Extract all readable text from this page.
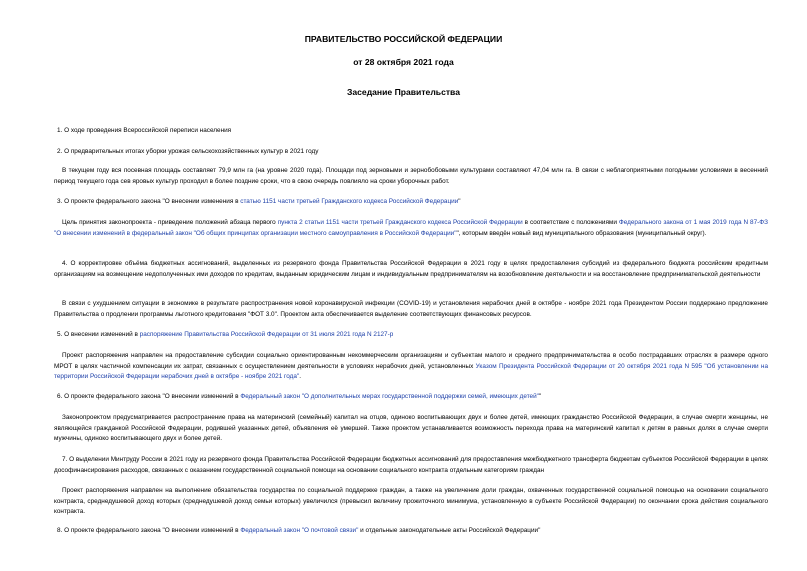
ПРАВИТЕЛЬСТВО РОССИЙСКОЙ ФЕДЕРАЦИИ
от 28 октября 2021 года
Заседание Правительства
1. О ходе проведения Всероссийской переписи населения
2. О предварительных итогах уборки урожая сельскохозяйственных культур в 2021 году
В текущем году вся посевная площадь составляет 79,9 млн га (на уровне 2020 года). Площади под зерновыми и зернобобовыми культурами составляют 47,04 млн га. В связи с неблагоприятными погодными условиями в весенний период текущего года сев яровых культур проходил в более поздние сроки, что в свою очередь повлияло на сроки уборочных работ.
3. О проекте федерального закона "О внесении изменения в статью 1151 части третьей Гражданского кодекса Российской Федерации"
Цель принятия законопроекта - приведение положений абзаца первого пункта 2 статьи 1151 части третьей Гражданского кодекса Российской Федерации в соответствие с положениями Федерального закона от 1 мая 2019 года N 87-ФЗ "О внесении изменений в федеральный закон "Об общих принципах организации местного самоуправления в Российской Федерации"", которым введён новый вид муниципального образования (муниципальный округ).
4. О корректировке объёма бюджетных ассигнований, выделенных из резервного фонда Правительства Российской Федерации в 2021 году в целях предоставления субсидий из федерального бюджета российским кредитным организациям на возмещение недополученных ими доходов по кредитам, выданным юридическим лицам и индивидуальным предпринимателям на возобновление деятельности и на восстановление предпринимательской деятельности
В связи с ухудшением ситуации в экономике в результате распространения новой коронавирусной инфекции (COVID-19) и установления нерабочих дней в октябре - ноябре 2021 года Президентом России поддержано предложение Правительства о продлении программы льготного кредитования "ФОТ 3.0". Проектом акта обеспечивается выделение соответствующих финансовых ресурсов.
5. О внесении изменений в распоряжение Правительства Российской Федерации от 31 июля 2021 года N 2127-р
Проект распоряжения направлен на предоставление субсидии социально ориентированным некоммерческим организациям и субъектам малого и среднего предпринимательства в особо пострадавших отраслях в размере одного МРОТ в целях частичной компенсации их затрат, связанных с осуществлением деятельности в условиях нерабочих дней, установленных Указом Президента Российской Федерации от 20 октября 2021 года N 595 "Об установлении на территории Российской Федерации нерабочих дней в октябре - ноябре 2021 года".
6. О проекте федерального закона "О внесении изменений в Федеральный закон "О дополнительных мерах государственной поддержки семей, имеющих детей""
Законопроектом предусматривается распространение права на материнский (семейный) капитал на отцов, одиноко воспитывающих двух и более детей, имеющих гражданство Российской Федерации, в случае смерти женщины, не являющейся гражданкой Российской Федерации, родившей указанных детей, объявления её умершей. Также проектом устанавливается возможность перехода права на материнский капитал к детям в равных долях в случае смерти мужчины, одиноко воспитывающего двух и более детей.
7. О выделении Минтруду России в 2021 году из резервного фонда Правительства Российской Федерации бюджетных ассигнований для предоставления межбюджетного трансферта бюджетам субъектов Российской Федерации в целях дософинансирования расходов, связанных с оказанием государственной социальной помощи на основании социального контракта отдельным категориям граждан
Проект распоряжения направлен на выполнение обязательства государства по социальной поддержке граждан, а также на увеличение доли граждан, охваченных государственной социальной помощью на основании социального контракта, среднедушевой доход которых (среднедушевой доход семьи которых) увеличился (превысил величину прожиточного минимума, установленную в субъекте Российской Федерации) по окончании срока действия социального контракта.
8. О проекте федерального закона "О внесении изменений в Федеральный закон "О почтовой связи" и отдельные законодательные акты Российской Федерации"
